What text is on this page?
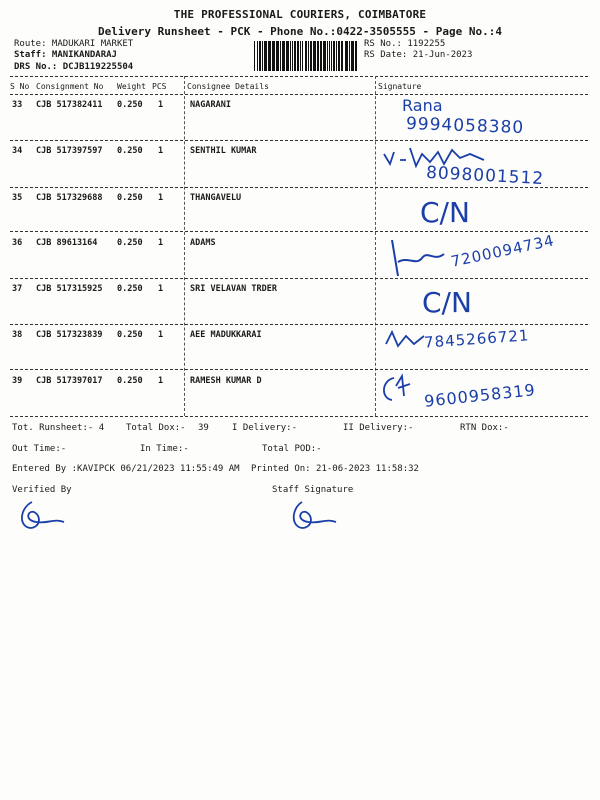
THE PROFESSIONAL COURIERS, COIMBATORE
Delivery Runsheet - PCK - Phone No.:0422-3505555 - Page No.:4
Route: MADUKARI MARKET
Staff: MANIKANDARAJ
DRS No.: DCJB119225504
RS No.: 1192255
RS Date: 21-Jun-2023
S No Consignment No Weight PCS	Consignee Details	Signature
33 CJB 517382411 0.250 1	NAGARANI	Rana
9994058380
34 CJB 517397597 0.250 1	SENTHIL KUMAR
8098001512
35 CJB 517329688 0.250 1	THANGAVELU	C/N
36 CJB 89613164 0.250 1	ADAMS	7200094734
37 CJB 517315925 0.250 1	SRI VELAVAN TRDER	C/N
38 CJB 517323839 0.250 1	AEE MADUKKARAI	7845266721
39 CJB 517397017 0.250 1	RAMESH KUMAR D	9600958319
Tot. Runsheet:- 4 Total Dox:- 39	I Delivery:-	II Delivery:-	RTN Dox:-
Out Time:-	In Time:-	Total POD:-
Entered By :KAVIPCK 06/21/2023 11:55:49 AM Printed On: 21-06-2023 11:58:32
Verified By	Staff Signature
